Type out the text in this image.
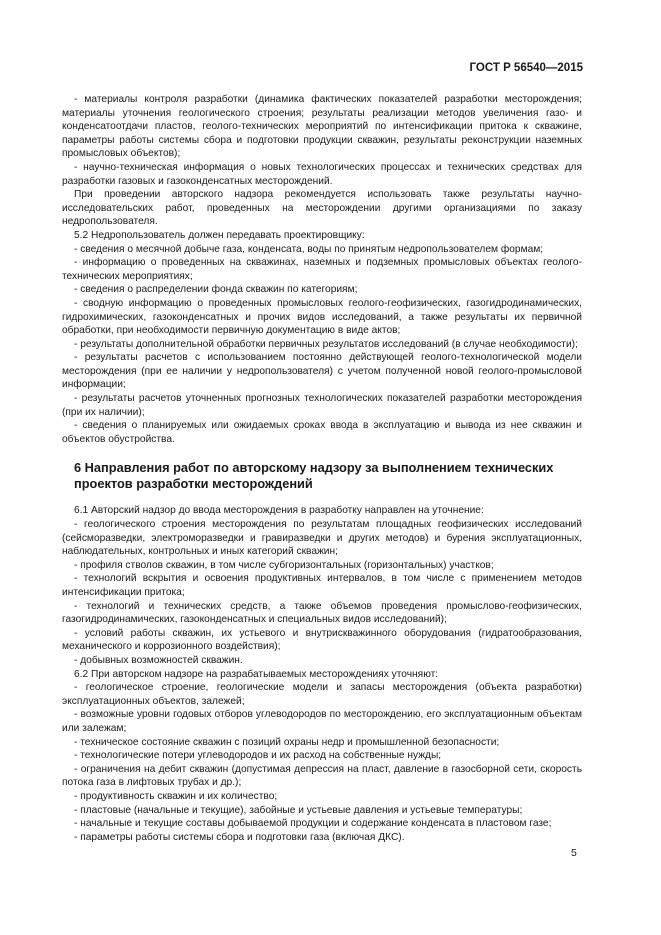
ГОСТ Р 56540—2015

- материалы контроля разработки (динамика фактических показателей разработки месторождения; материалы уточнения геологического строения; результаты реализации методов увеличения газо- и конденсатоотдачи пластов, геолого-технических мероприятий по интенсификации притока к скважине, параметры работы системы сбора и подготовки продукции скважин, результаты реконструкции наземных промысловых объектов);

- научно-техническая информация о новых технологических процессах и технических средствах для разработки газовых и газоконденсатных месторождений.

При проведении авторского надзора рекомендуется использовать также результаты научно-исследовательских работ, проведенных на месторождении другими организациями по заказу недропользователя.

5.2 Недропользователь должен передавать проектировщику:

- сведения о месячной добыче газа, конденсата, воды по принятым недропользователем формам;

- информацию о проведенных на скважинах, наземных и подземных промысловых объектах геолого-технических мероприятиях;

- сведения о распределении фонда скважин по категориям;

- сводную информацию о проведенных промысловых геолого-геофизических, газогидродинамических, гидрохимических, газоконденсатных и прочих видов исследований, а также результаты их первичной обработки, при необходимости первичную документацию в виде актов;

- результаты дополнительной обработки первичных результатов исследований (в случае необходимости);

- результаты расчетов с использованием постоянно действующей геолого-технологической модели месторождения (при ее наличии у недропользователя) с учетом полученной новой геолого-промысловой информации;

- результаты расчетов уточненных прогнозных технологических показателей разработки месторождения (при их наличии);

- сведения о планируемых или ожидаемых сроках ввода в эксплуатацию и вывода из нее скважин и объектов обустройства.

6 Направления работ по авторскому надзору за выполнением технических проектов разработки месторождений

6.1 Авторский надзор до ввода месторождения в разработку направлен на уточнение:

- геологического строения месторождения по результатам площадных геофизических исследований (сейсморазведки, электроморазведки и гравиразведки и других методов) и бурения эксплуатационных, наблюдательных, контрольных и иных категорий скважин;

- профиля стволов скважин, в том числе субгоризонтальных (горизонтальных) участков;

- технологий вскрытия и освоения продуктивных интервалов, в том числе с применением методов интенсификации притока;

- технологий и технических средств, а также объемов проведения промыслово-геофизических, газогидродинамических, газоконденсатных и специальных видов исследований);

- условий работы скважин, их устьевого и внутрискважинного оборудования (гидратообразования, механического и коррозионного воздействия);

- добывных возможностей скважин.

6.2 При авторском надзоре на разрабатываемых месторождениях уточняют:

- геологическое строение, геологические модели и запасы месторождения (объекта разработки) эксплуатационных объектов, залежей;

- возможные уровни годовых отборов углеводородов по месторождению, его эксплуатационным объектам или залежам;

- техническое состояние скважин с позиций охраны недр и промышленной безопасности;

- технологические потери углеводородов и их расход на собственные нужды;

- ограничения на дебит скважин (допустимая депрессия на пласт, давление в газосборной сети, скорость потока газа в лифтовых трубах и др.);

- продуктивность скважин и их количество;

- пластовые (начальные и текущие), забойные и устьевые давления и устьевые температуры;

- начальные и текущие составы добываемой продукции и содержание конденсата в пластовом газе;

- параметры работы системы сбора и подготовки газа (включая ДКС).

5
